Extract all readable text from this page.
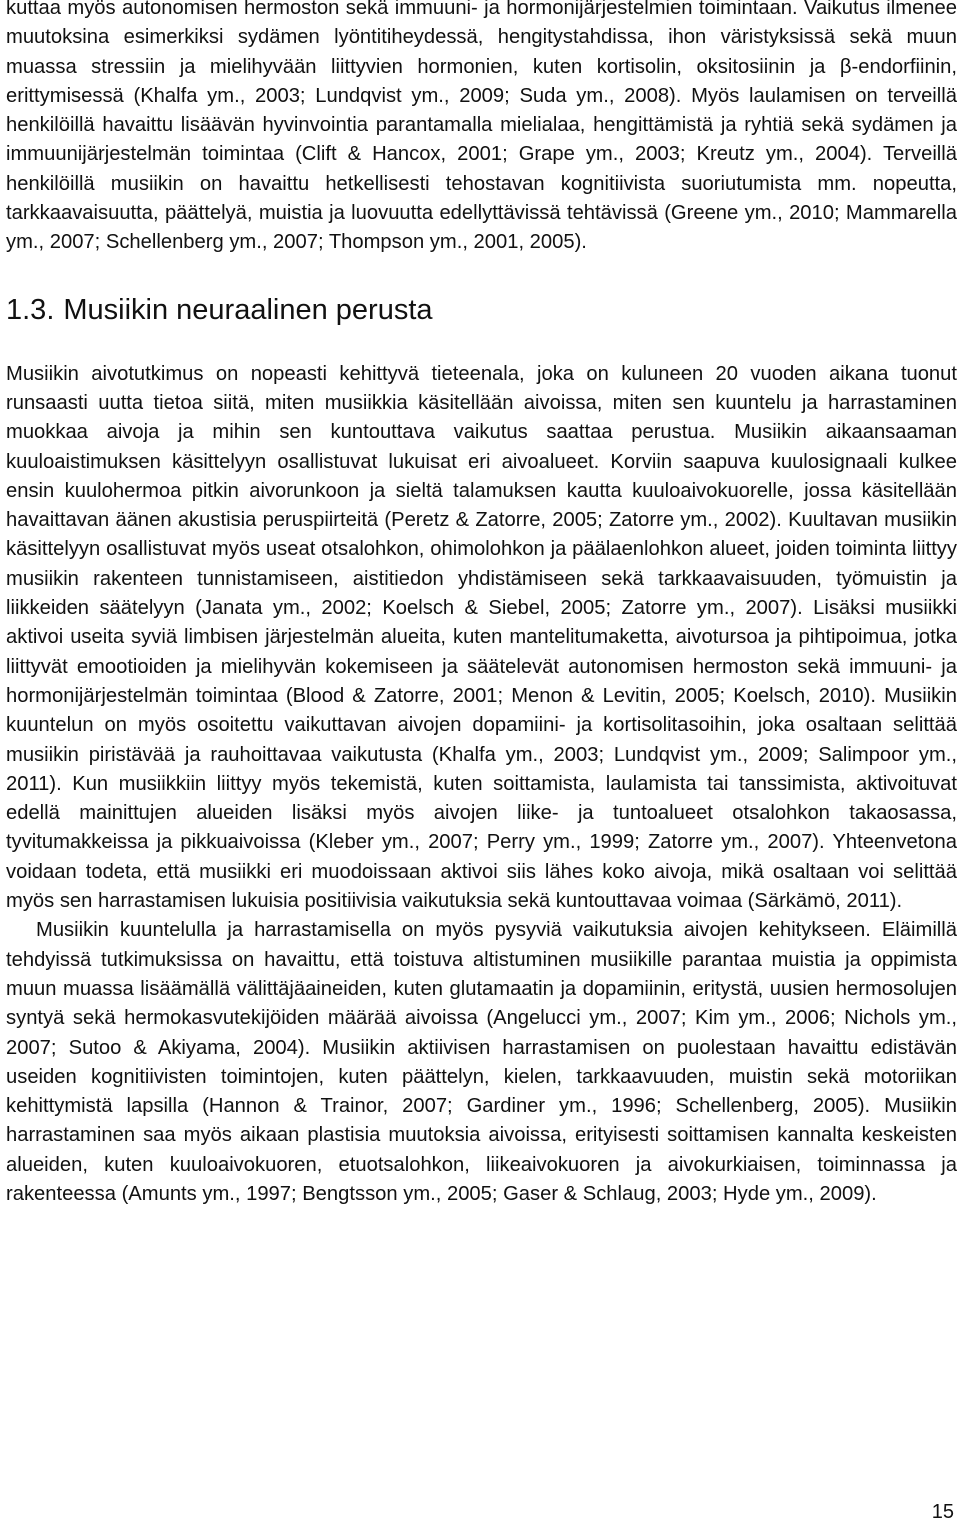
kuttaa myös autonomisen hermoston sekä immuuni- ja hormonijärjestelmien toimintaan. Vaikutus ilmenee muutoksina esimerkiksi sydämen lyöntitiheydessä, hengitystahdissa, ihon väristyksissä sekä muun muassa stressiin ja mielihyvään liittyvien hormonien, kuten kortisolin, oksitosiinin ja β-endorfiinin, erittymisessä (Khalfa ym., 2003; Lundqvist ym., 2009; Suda ym., 2008). Myös laulamisen on terveillä henkilöillä havaittu lisäävän hyvinvointia parantamalla mielialaa, hengittämistä ja ryhtiä sekä sydämen ja immuunijärjestelmän toimintaa (Clift & Hancox, 2001; Grape ym., 2003; Kreutz ym., 2004). Terveillä henkilöillä musiikin on havaittu hetkellisesti tehostavan kognitiivista suoriutumista mm. nopeutta, tarkkaavaisuutta, päättelyä, muistia ja luovuutta edellyttävissä tehtävissä (Greene ym., 2010; Mammarella ym., 2007; Schellenberg ym., 2007; Thompson ym., 2001, 2005).

1.3. Musiikin neuraalinen perusta

Musiikin aivotutkimus on nopeasti kehittyvä tieteenala, joka on kuluneen 20 vuoden aikana tuonut runsaasti uutta tietoa siitä, miten musiikkia käsitellään aivoissa, miten sen kuuntelu ja harrastaminen muokkaa aivoja ja mihin sen kuntouttava vaikutus saattaa perustua. Musiikin aikaansaaman kuuloaistimuksen käsittelyyn osallistuvat lukuisat eri aivoalueet. Korviin saapuva kuulosignaali kulkee ensin kuulohermoa pitkin aivorunkoon ja sieltä talamuksen kautta kuuloaivokuorelle, jossa käsitellään havaittavan äänen akustisia peruspiirteitä (Peretz & Zatorre, 2005; Zatorre ym., 2002). Kuultavan musiikin käsittelyyn osallistuvat myös useat otsalohkon, ohimolohkon ja päälaenlohkon alueet, joiden toiminta liittyy musiikin rakenteen tunnistamiseen, aistitiedon yhdistämiseen sekä tarkkaavaisuuden, työmuistin ja liikkeiden säätelyyn (Janata ym., 2002; Koelsch & Siebel, 2005; Zatorre ym., 2007). Lisäksi musiikki aktivoi useita syviä limbisen järjestelmän alueita, kuten mantelitumaketta, aivotursoa ja pihtipoimua, jotka liittyvät emootioiden ja mielihyvän kokemiseen ja säätelevät autonomisen hermoston sekä immuuni- ja hormonijärjestelmän toimintaa (Blood & Zatorre, 2001; Menon & Levitin, 2005; Koelsch, 2010). Musiikin kuuntelun on myös osoitettu vaikuttavan aivojen dopamiini- ja kortisolitasoihin, joka osaltaan selittää musiikin piristävää ja rauhoittavaa vaikutusta (Khalfa ym., 2003; Lundqvist ym., 2009; Salimpoor ym., 2011). Kun musiikkiin liittyy myös tekemistä, kuten soittamista, laulamista tai tanssimista, aktivoituvat edellä mainittujen alueiden lisäksi myös aivojen liike- ja tuntoalueet otsalohkon takaosassa, tyvitumakkeissa ja pikkuaivoissa (Kleber ym., 2007; Perry ym., 1999; Zatorre ym., 2007). Yhteenvetona voidaan todeta, että musiikki eri muodoissaan aktivoi siis lähes koko aivoja, mikä osaltaan voi selittää myös sen harrastamisen lukuisia positiivisia vaikutuksia sekä kuntouttavaa voimaa (Särkämö, 2011).

Musiikin kuuntelulla ja harrastamisella on myös pysyviä vaikutuksia aivojen kehitykseen. Eläimillä tehdyissä tutkimuksissa on havaittu, että toistuva altistuminen musiikille parantaa muistia ja oppimista muun muassa lisäämällä välittäjäaineiden, kuten glutamaatin ja dopamiinin, eritystä, uusien hermosolujen syntyä sekä hermokasvutekijöiden määrää aivoissa (Angelucci ym., 2007; Kim ym., 2006; Nichols ym., 2007; Sutoo & Akiyama, 2004). Musiikin aktiivisen harrastamisen on puolestaan havaittu edistävän useiden kognitiivisten toimintojen, kuten päättelyn, kielen, tarkkaavuuden, muistin sekä motoriikan kehittymistä lapsilla (Hannon & Trainor, 2007; Gardiner ym., 1996; Schellenberg, 2005). Musiikin harrastaminen saa myös aikaan plastisia muutoksia aivoissa, erityisesti soittamisen kannalta keskeisten alueiden, kuten kuuloaivokuoren, etuotsalohkon, liikeaivokuoren ja aivokurkiaisen, toiminnassa ja rakenteessa (Amunts ym., 1997; Bengtsson ym., 2005; Gaser & Schlaug, 2003; Hyde ym., 2009).

15
